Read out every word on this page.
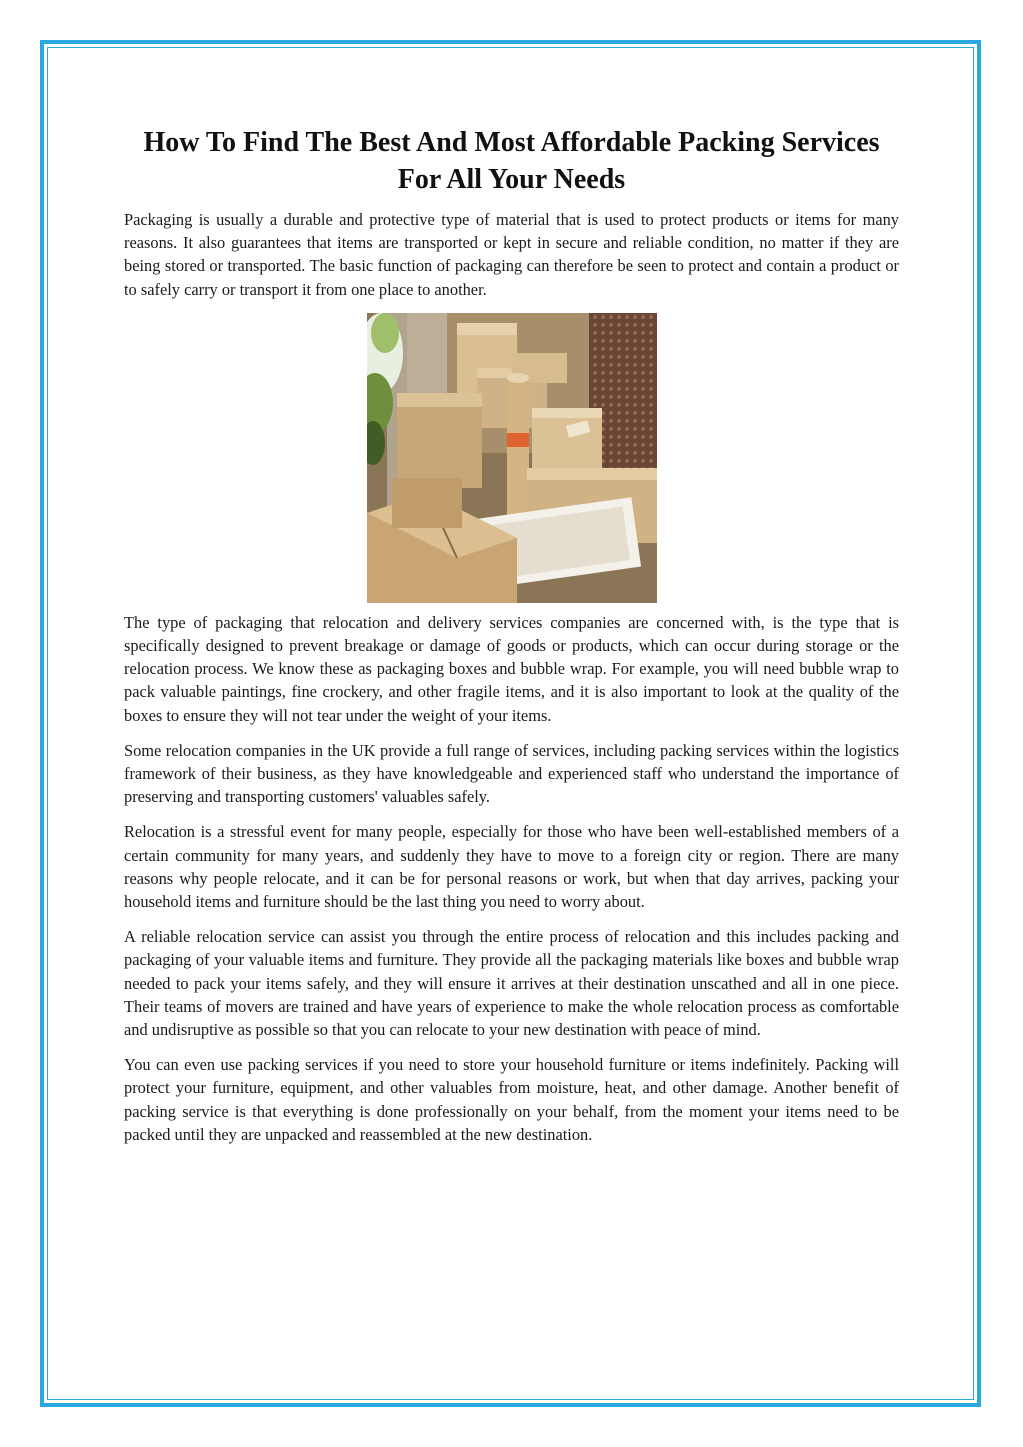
How To Find The Best And Most Affordable Packing Services For All Your Needs

Packaging is usually a durable and protective type of material that is used to protect products or items for many reasons. It also guarantees that items are transported or kept in secure and reliable condition, no matter if they are being stored or transported. The basic function of packaging can therefore be seen to protect and contain a product or to safely carry or transport it from one place to another.

The type of packaging that relocation and delivery services companies are concerned with, is the type that is specifically designed to prevent breakage or damage of goods or products, which can occur during storage or the relocation process. We know these as packaging boxes and bubble wrap. For example, you will need bubble wrap to pack valuable paintings, fine crockery, and other fragile items, and it is also important to look at the quality of the boxes to ensure they will not tear under the weight of your items.

Some relocation companies in the UK provide a full range of services, including packing services within the logistics framework of their business, as they have knowledgeable and experienced staff who understand the importance of preserving and transporting customers' valuables safely.

Relocation is a stressful event for many people, especially for those who have been well-established members of a certain community for many years, and suddenly they have to move to a foreign city or region. There are many reasons why people relocate, and it can be for personal reasons or work, but when that day arrives, packing your household items and furniture should be the last thing you need to worry about.

A reliable relocation service can assist you through the entire process of relocation and this includes packing and packaging of your valuable items and furniture. They provide all the packaging materials like boxes and bubble wrap needed to pack your items safely, and they will ensure it arrives at their destination unscathed and all in one piece. Their teams of movers are trained and have years of experience to make the whole relocation process as comfortable and undisruptive as possible so that you can relocate to your new destination with peace of mind.

You can even use packing services if you need to store your household furniture or items indefinitely. Packing will protect your furniture, equipment, and other valuables from moisture, heat, and other damage. Another benefit of packing service is that everything is done professionally on your behalf, from the moment your items need to be packed until they are unpacked and reassembled at the new destination.
